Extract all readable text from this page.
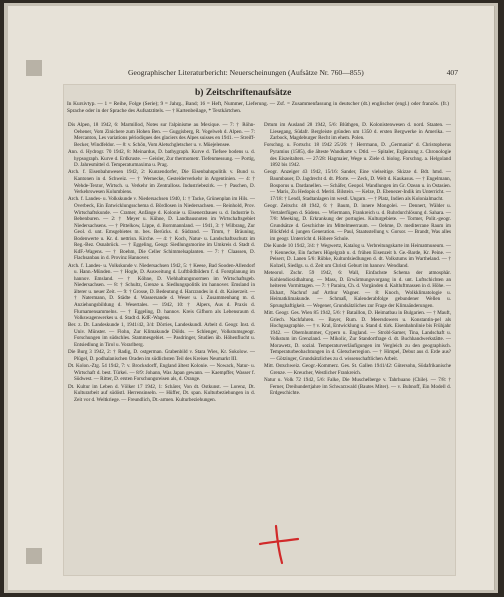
Geographischer Literaturbericht: Neuerscheinungen (Aufsätze Nr. 760—855)	407
b) Zeitschriftenaufsätze
In Kursivtyp. — 1 = Reihe, Folge (Serie); 9 = Jahrg., Band; 16 = Heft, Nummer, Lieferung. — Zsf. = Zusammenfassung in deutscher (dt.) englischer (engl.) oder französ. (fr.) Sprache oder in der Sprache des Aufsatztitels. — † Kartenbeilage, * Textkärtchen.

Dis Alpen, 18 1942, 6: Marmillod, Notes sur l'alpinisme au Mexique. — 7: † Röhn-Oehener, Vom Zinichere zum Hohen Ben. — Guggisberg, R. Vogelweh d. Alpen. — 7: Mercanton, Les variations périodiques des glaciers des Alpes suisses en 1941. — Streiff-Becker, Windfeldor. — 8: v. Schön, Vom Aletschgletscher u. v. Müejelensee.

Ann. d. Hydrogr. 70 1942, 8: Meinardus, D. bathygraph. Kurve d. Tiefsee bodens u. d. hypsograph. Kurve d. Erdkruste. — Geisler, Zur thermometr. Tiefenmessung. — Portig, D. Jahresmittel d. Temperaturmaxima u. Prag.

Arch. f. Eisenbahnwesen 1942, 2: Kunzendorfer, Die Eisenbahnpolitik v. Bund u. Kantonen in d. Schweiz. — † Wernecke, Gesteiderverkehr in Argentinien. — 4: † Wehde-Textor, Wirtsch. u. Verkehr im Zentralloss. Industriebezirk. — † Paschen, D. Verkehrswesen Kolumbiens.

Arch. f. Landes- u. Volkskunde v. Niedersachsen 1940, 1: † Tacke, Grünenplan im Hils. — Overbeck, Ein Entwicklungsschema d. Bördlosen in Niedersachsen. — Reinhold, Prov. Wirtschaftskunde. — Cramer, Anfänge d. Kolonie u. Eisenerzbaues u. d. Industrie b. Bebenburen. — 2: † Meyer u. Kühne, D. Landbausnoten im Wirtschaftsgebiet Niedersachsens. — † Pittelkow, Lippe, d. Bornmannland. — 1941, 3: † Wilbrang, Zur Geol. d. unt. Emsgebietes m. bes. Berücks. d. Südrand. — Timm, † Bräuning, Bodenwerte u. Kr. d. nettrisn. Kirche. — 4: † Koch, Natur- u. Landschaftsschutz im Reg.-Bez. Osnabrück. — † Eggeling, Geogr. Siedlungsmorine im Umkreis d. Stadt d. KdF.-Wagens. — † Boehm, Die Celler Schimmelsaplanten. — 7: † Claassen, D. Flachsanbau in d. Provinz Hannover.

Arch. f. Landes- u. Volkskunde v. Niedersachsen 1942, 5: † Keese, Bad Sooden-Allendorf u. Hann.-Münden. — † Hogle, D. Ausweitung d. Luftbildbildern f. d. Forstplanung im hannov. Emsland. — † Köhne, D. Viehhaltungsnormen im Wirtschaftsgeb. Niedersachsen. — 8: † Schultz, Grenze u. Siedlungspolitik im hannover. Emsland in älterer u. neuer Zeit. — 9: † Grosse, D. Bedeutung d. Harzrandes in d. dt. Kaiserzeit. — † Natermann, D. Städte d. Wassersande d. Weser u. i. Zusammenhang m. d. Anziehungsbildung d. Wesertales. — 1942, 10: † Alpers, Aus d. Praxis d. Flurnamensammelns. — † Eggeling, D. hannov. Kreis Gifhorn als Lebensraum d. Volkswagenwerkes u. d. Stadt d. KdF.-Wagens.

Ber. z. Dt. Landeskunde 1, 1941/42, 3/4: Dörries, Landeskundl. Arbeit d. Geogr. Inst. d. Univ. Münster. — Flohn, Zur Klimakunde Dölds. — Schlenger, Volkstumsgeogr. Forschungen im südschles. Stammesgebiet. — Pasdringer, Studien üb. Höhenflucht u. Entsiedlung in Tirol u. Vorarlberg.

Die Burg 3 1942, 2: † Radig, D. ostgerman. Grabenbild v. Stara Wies, Kr. Sokolow. — Plügel, D. podhalanischen Oraden im südlichsten Teil des Kreises Neumarkt III.

Dt. Kolon.-Ztg. 54 1942, 7: v. Brocksdorff, England ältest Kolonie. — Nowack, Natur- u. Wirtschaft d. best. Türkei. — 8/9: Johann, Was Japan gewann. — Kaempffer, Wasser f. Südwest. — Ritter, D. ersten Forschungsreisen als, d. Orange.

Dt. Kultur im Leben d. Völker 17 1942, 1: Schärer, Von dt. Ostkunst. — Lorenz, Dt. Kulturarbeit auf südöstl. Herrensinseln. — Hüffer, Dt. span. Kulturbeziehungen in d. Zeit vor d. Weltkriege. — Freundlich, Dt.-armen. Kulturbeziehungen.

Drtum im Ausland 28 1942, 5/6: Blüthgen, D. Kolonistenwesen d. nord. Staaten. — Liesegang, Südafr. Bergleiste gründen um 1350 d. ersten Bergwerke in Amerika. — Zarbock, Magdeburger Recht im ehem. Polen.

Forschng. u. Fortschr. 18 1942 25/26: † Herrmann, D. „Germania“ d. Christopherus Pyramius (1585), die älteste Wandkarte v. Dtld. — Spitaler, Ergänzung z. Chronologie des Eiszeitalters. — 27/28: Hagmaier, Wege u. Ziele d. biolog. Forschng. a. Helgoland 1892 bis 1942.

Geogr. Anzeiger 43 1942, 15/16: Sander, Eine vielseitige. Skizze d. Bdt. hmd. — Baumbauer, D. Jagdrecht d. dt. Pforte. — Zeck, D. Welt d. Kaukasus. — † Engelmann, Bosporus u. Dardanellen. — Schäfer, Geopol. Wandlungen im Gr. Ozean u. in Ostasien. — Maris, Zu Hedopis d. Meriti. Bilstein. — Kelze, D. Ebenezer-Indik im Unterricht. — 17/18: † Lendl, Stadtanlagen im westl. Ungarn. — † Platz, Indien als Kolonialmacht.

Geogr. Zeitschr. 48 1942, 6: † Baum, D. innere Mongolei. — Dennert, Wälder u. Vertalerfügen d. Südens. — Wiermann, Frankreich u. d. Ruhrdurchlösung d. Sahara. — 7/8: Meeking, D. Erkrankung der portugies. Kulturgebiete. — Tormer, Polit.-geogr. Grundsätze d. Geschichte im Mittelmeerraum. — Oehme, D. mediterrane Raum im Blickfeld d. jungen Generation. — Paul, Staatsstellung v. Gorsor. — Brandt, Was alles im geogr. Unterricht d. Höhere Schule.

Die Kunde 10 1942, 3/4: † Wegwertz, Katalog u. Verbreitungskarte im Heimatmuseum. — † Kennecke, Ein fachers Hügelgrab u. d. frühen Eisenzeit b. Ge.-Barde, Kr. Peine. — Peiserr, D. Lanen 5/6: Rübke, Kulturdsiedlungen d. dt. Volkstums im Wartheland. — † Kolzell, Siedlgs. u. d. Zeit um Christi Geburt im hannov. Wendland.

Meteorol. Zschr. 59 1942, 6: Wall, Einfachste Schema der atmosphär. Kohlendioxidhaltung. — Mass, D. Erwärmungsvorgang in d. unt. Luftschichten an heiteren Vormittagen. — 7: † Paraira, Ch. d. Vorgänden d. Kaltluftmassen in d. Höhe. — Ekhart, Nachruf auf Arthur Wagner. — 8: Knoch, Wolkklimatologie u. Heimatklimakunde. — Schmaß, Kalenderabfolge gebundener Wellen u. Sprunghaftigkeit. — Wegener, Grundsätzliches zur Frage der Klimaänderungen.

Mitt. Geogr. Ges. Wien 85 1942, 5/6: † Bataillon, D. Heimatbau in Bulgarien. — † Mauft, Griech. Nachfahren. — Bayer, Rum. D. Meersdowers u. Konstantin-pel als Hochgoagraphie. — † v. Kral, Entwicklung u. Stand d. türk. Eisenbahnlinie bis Frühjahr 1942. — Obernhummer, Cypern u. England. — Strobl-Samer, Tina, Landschaft u. Volkstum im Grenzland. — Mikolic, Zur Standortfrage d. dt. Buchhandwerkstätte. — Morawetz, D. sozial. Temperaturverläufigungen im Vergleich zu den geographisch. Temperaturbeobachtungen in d. Gletscherregion. — † Himpel, Debut aus d. Erde aus? — Götzinger, Grundsätzliches zu d. wissenschaftlichen Arbeit.

Mitt. Ostschweiz. Geogr.-Kommerz. Ges. St. Gallen 1941/42: Gütersohn, Südafrikanische Grenze. — Kreucher, Westlicher Frankreich.

Natur u. Volk 72 1942, 5/6: Falke, Die Muschelberge v. Tahrhuano (Chile). — 7/8: † Ferner, Dreihundertjahre im Schwarzwald (Bautes Miter). — v. Bubnoff, Ein Modell d. Erdgeschichte.
